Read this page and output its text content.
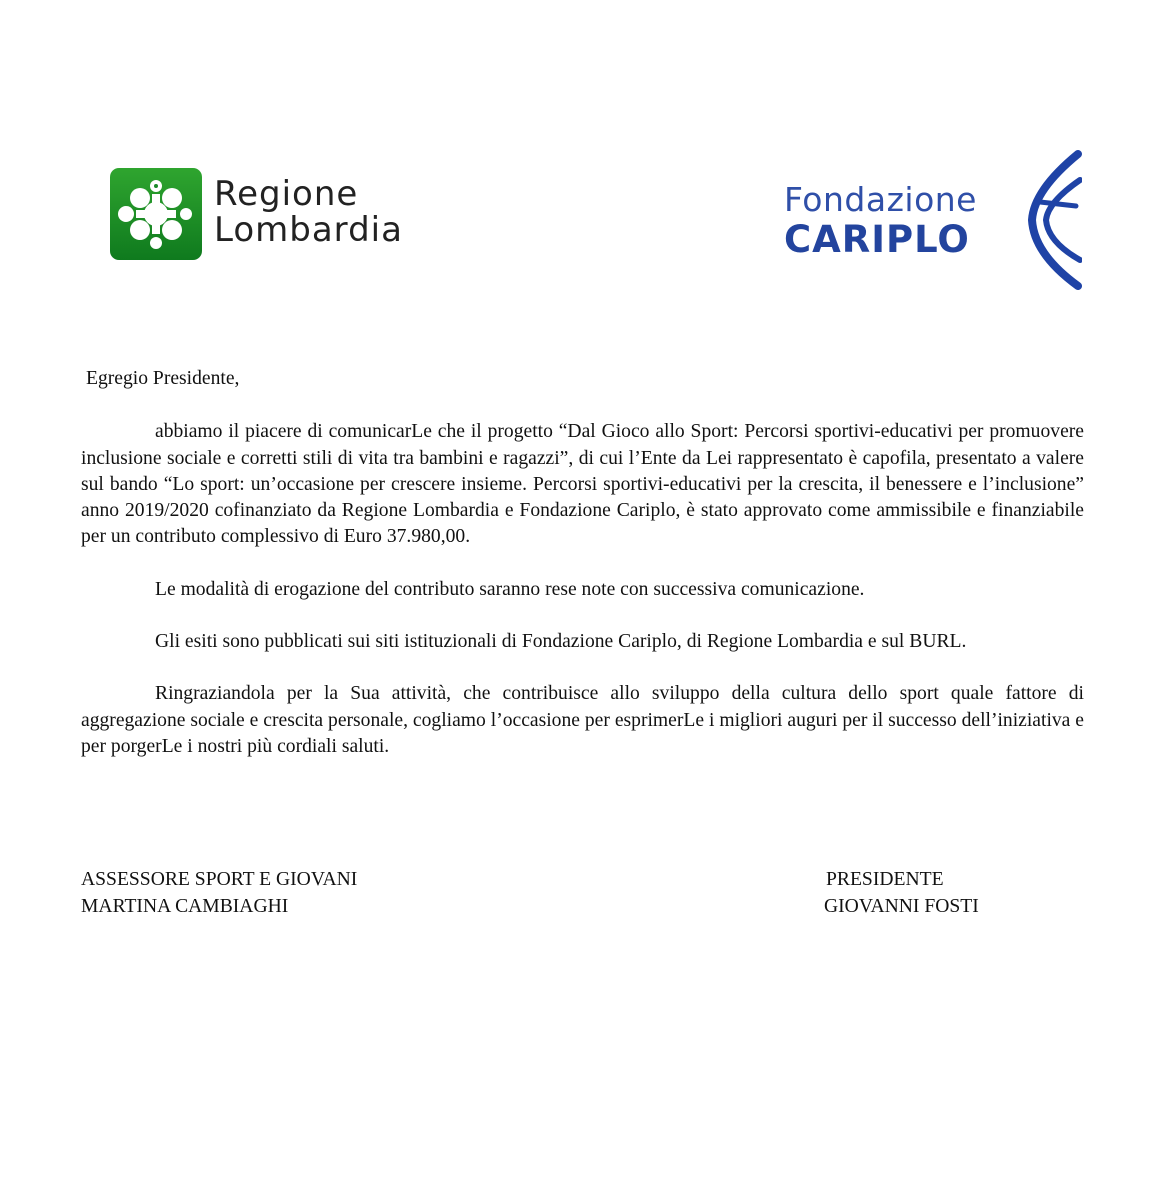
Regione
Lombardia
Fondazione
CARIPLO

Egregio Presidente,

abbiamo il piacere di comunicarLe che il progetto “Dal Gioco allo Sport: Percorsi sportivi-educativi per promuovere inclusione sociale e corretti stili di vita tra bambini e ragazzi”, di cui l’Ente da Lei rappresentato è capofila, presentato a valere sul bando “Lo sport: un’occasione per crescere insieme. Percorsi sportivi-educativi per la crescita, il benessere e l’inclusione” anno 2019/2020 cofinanziato da Regione Lombardia e Fondazione Cariplo, è stato approvato come ammissibile e finanziabile per un contributo complessivo di Euro 37.980,00.

Le modalità di erogazione del contributo saranno rese note con successiva comunicazione.

Gli esiti sono pubblicati sui siti istituzionali di Fondazione Cariplo, di Regione Lombardia e sul BURL.

Ringraziandola per la Sua attività, che contribuisce allo sviluppo della cultura dello sport quale fattore di aggregazione sociale e crescita personale, cogliamo l’occasione per esprimerLe i migliori auguri per il successo dell’iniziativa e per porgerLe i nostri più cordiali saluti.

ASSESSORE SPORT E GIOVANI
MARTINA CAMBIAGHI
PRESIDENTE
GIOVANNI FOSTI
